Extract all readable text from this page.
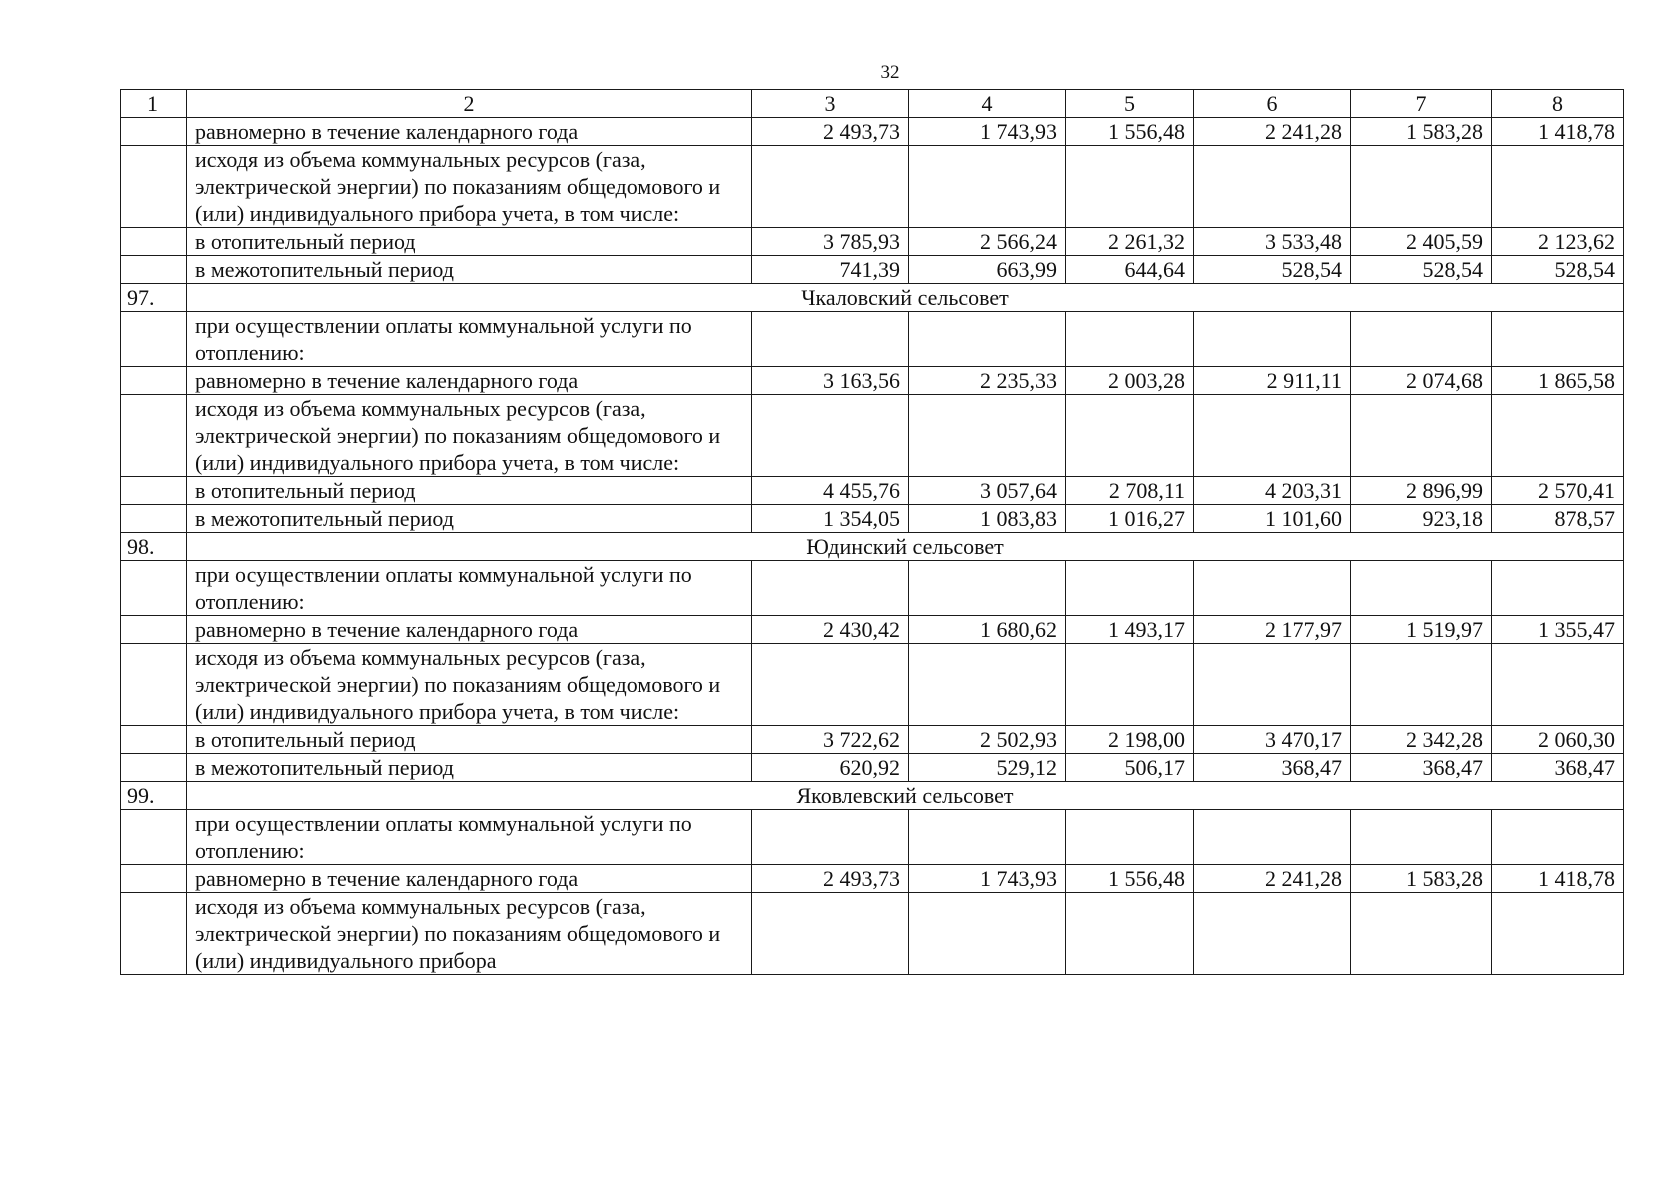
32
1	2	3	4	5	6	7	8
	равномерно в течение календарного года	2 493,73	1 743,93	1 556,48	2 241,28	1 583,28	1 418,78
	исходя из объема коммунальных ресурсов (газа, электрической энергии) по показаниям общедомового и (или) индивидуального прибора учета, в том числе:						
	в отопительный период	3 785,93	2 566,24	2 261,32	3 533,48	2 405,59	2 123,62
	в межотопительный период	741,39	663,99	644,64	528,54	528,54	528,54
97.	Чкаловский сельсовет						
	при осуществлении оплаты коммунальной услуги по отоплению:						
	равномерно в течение календарного года	3 163,56	2 235,33	2 003,28	2 911,11	2 074,68	1 865,58
	исходя из объема коммунальных ресурсов (газа, электрической энергии) по показаниям общедомового и (или) индивидуального прибора учета, в том числе:						
	в отопительный период	4 455,76	3 057,64	2 708,11	4 203,31	2 896,99	2 570,41
	в межотопительный период	1 354,05	1 083,83	1 016,27	1 101,60	923,18	878,57
98.	Юдинский сельсовет						
	при осуществлении оплаты коммунальной услуги по отоплению:						
	равномерно в течение календарного года	2 430,42	1 680,62	1 493,17	2 177,97	1 519,97	1 355,47
	исходя из объема коммунальных ресурсов (газа, электрической энергии) по показаниям общедомового и (или) индивидуального прибора учета, в том числе:						
	в отопительный период	3 722,62	2 502,93	2 198,00	3 470,17	2 342,28	2 060,30
	в межотопительный период	620,92	529,12	506,17	368,47	368,47	368,47
99.	Яковлевский сельсовет						
	при осуществлении оплаты коммунальной услуги по отоплению:						
	равномерно в течение календарного года	2 493,73	1 743,93	1 556,48	2 241,28	1 583,28	1 418,78
	исходя из объема коммунальных ресурсов (газа, электрической энергии) по показаниям общедомового и (или) индивидуального прибора						
